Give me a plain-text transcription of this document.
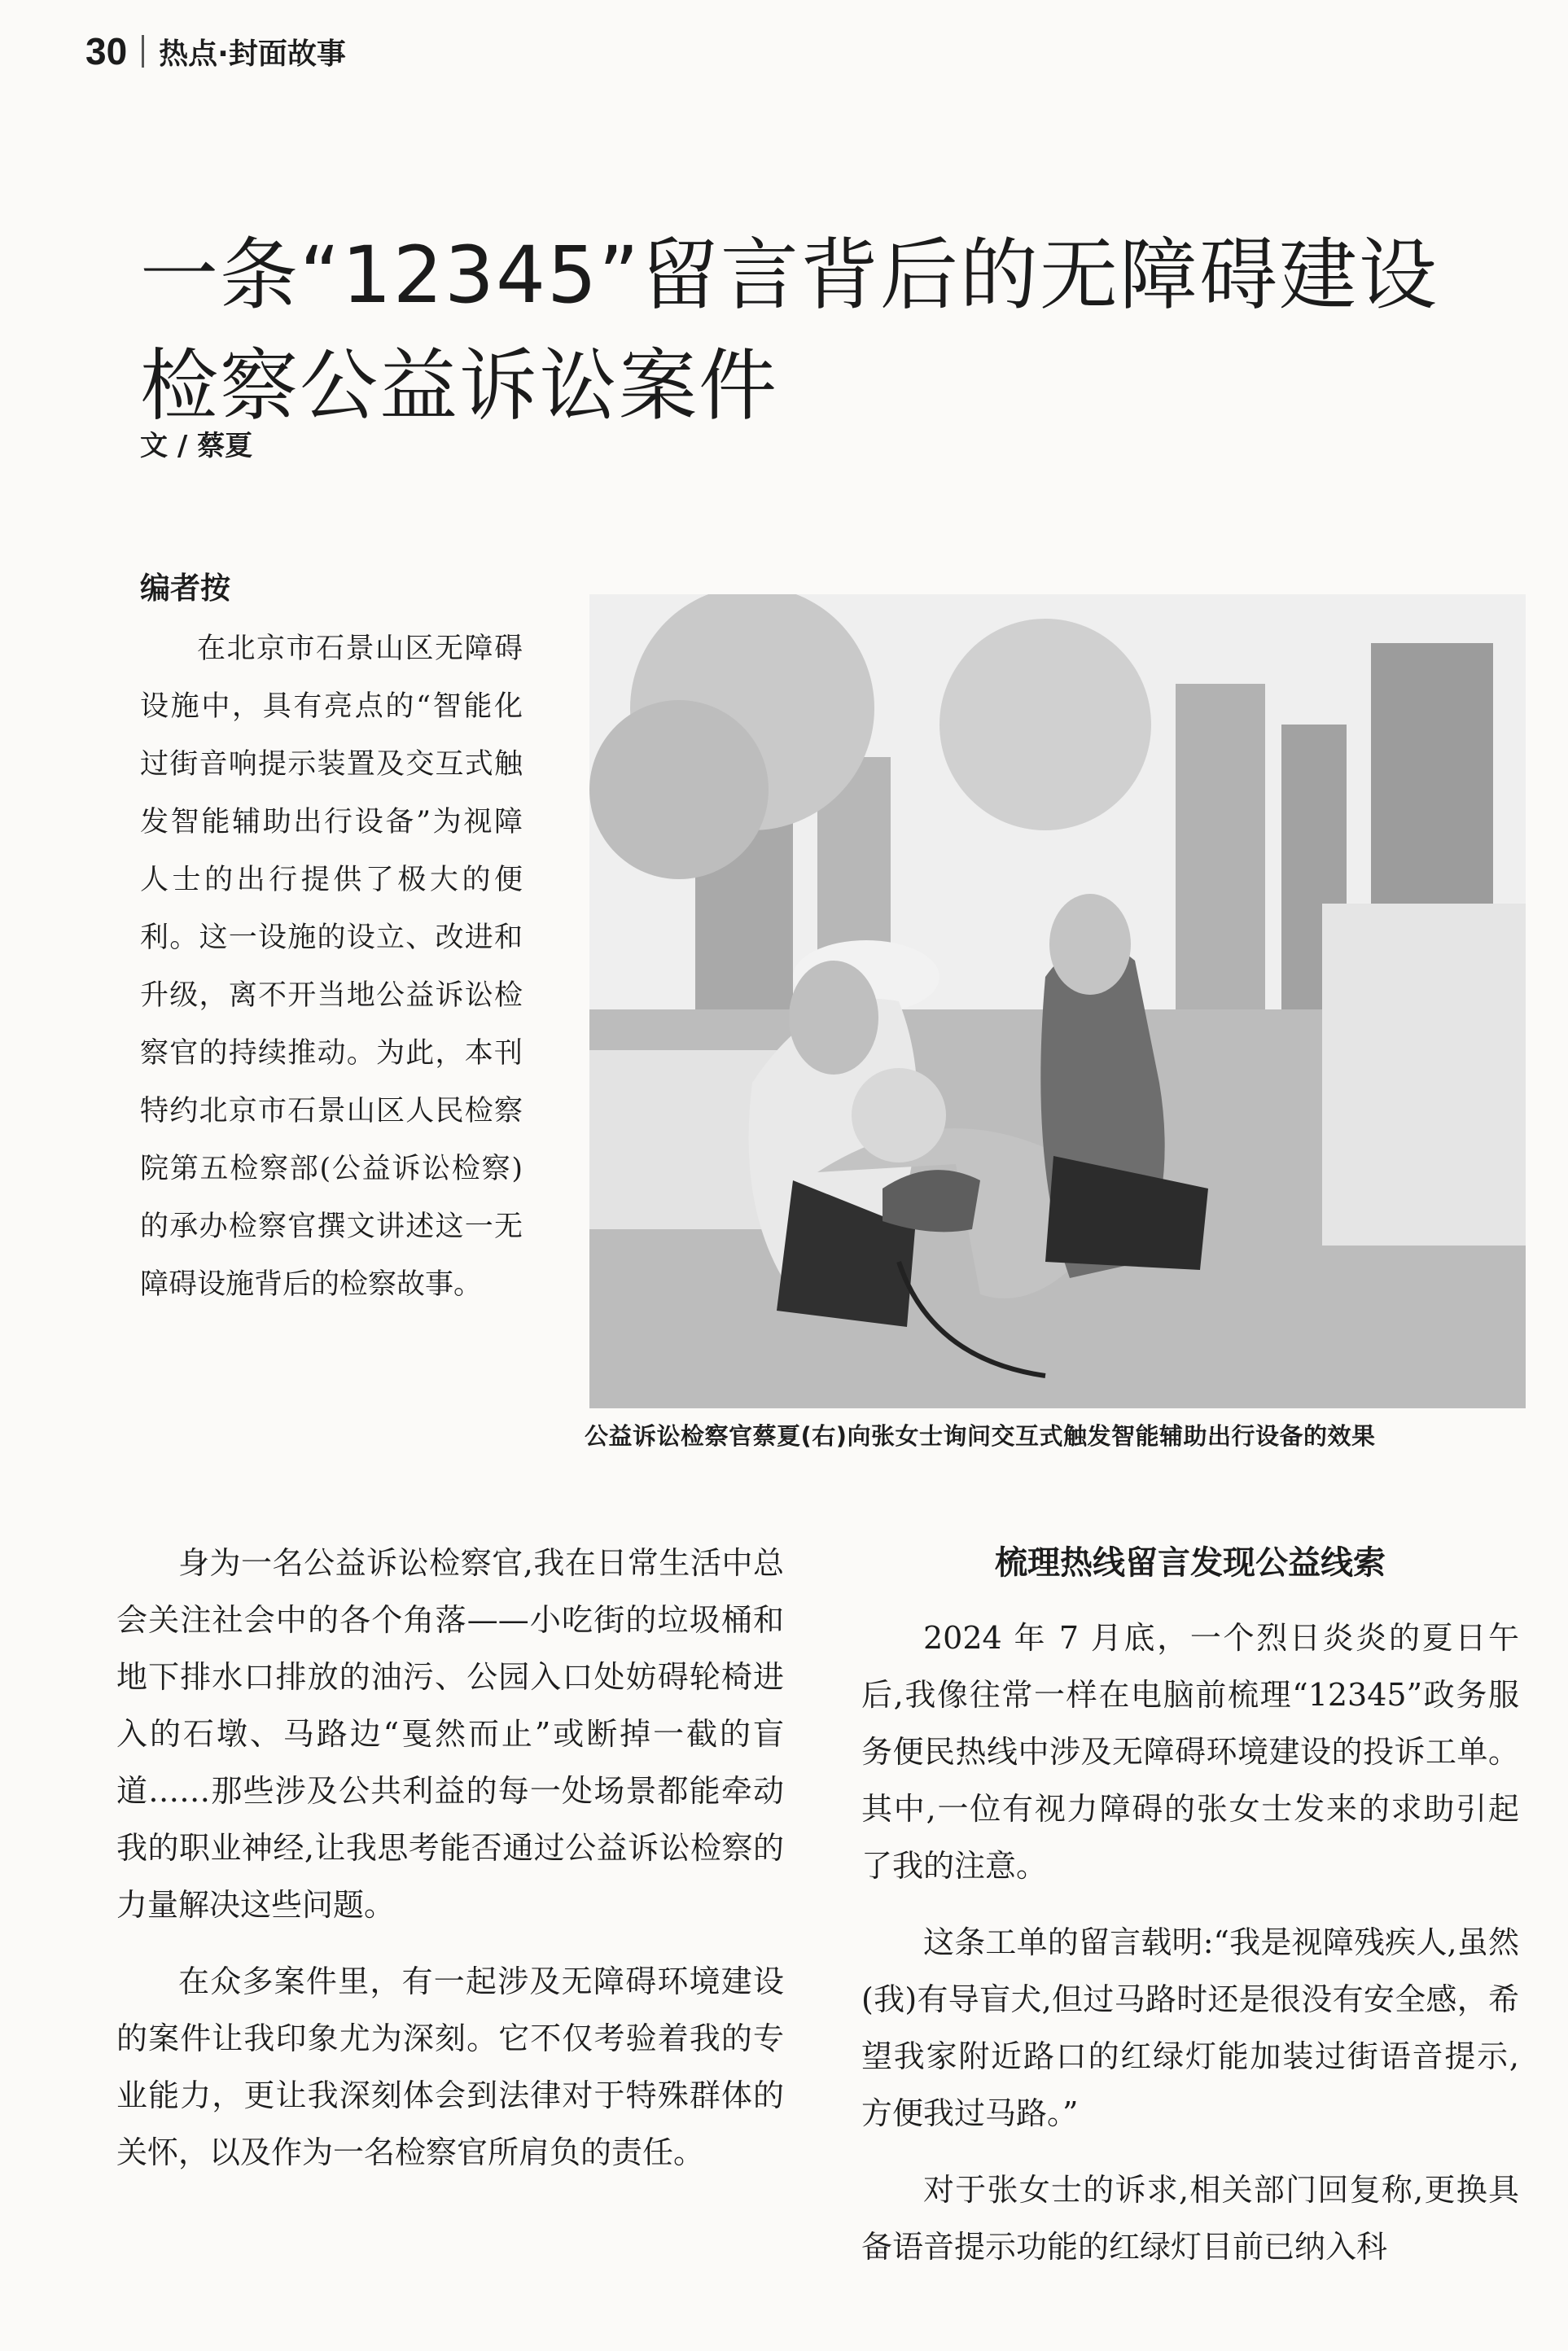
30 热点·封面故事
一条“12345”留言背后的无障碍建设
检察公益诉讼案件
文 / 蔡夏
编者按

在北京市石景山区无障碍设施中，具有亮点的“智能化过街音响提示装置及交互式触发智能辅助出行设备”为视障人士的出行提供了极大的便利。这一设施的设立、改进和升级，离不开当地公益诉讼检察官的持续推动。为此，本刊特约北京市石景山区人民检察院第五检察部(公益诉讼检察)的承办检察官撰文讲述这一无障碍设施背后的检察故事。

公益诉讼检察官蔡夏(右)向张女士询问交互式触发智能辅助出行设备的效果

身为一名公益诉讼检察官,我在日常生活中总会关注社会中的各个角落——小吃街的垃圾桶和地下排水口排放的油污、公园入口处妨碍轮椅进入的石墩、马路边“戛然而止”或断掉一截的盲道……那些涉及公共利益的每一处场景都能牵动我的职业神经,让我思考能否通过公益诉讼检察的力量解决这些问题。

在众多案件里，有一起涉及无障碍环境建设的案件让我印象尤为深刻。它不仅考验着我的专业能力，更让我深刻体会到法律对于特殊群体的关怀，以及作为一名检察官所肩负的责任。

梳理热线留言发现公益线索

2024 年 7 月底，一个烈日炎炎的夏日午后,我像往常一样在电脑前梳理“12345”政务服务便民热线中涉及无障碍环境建设的投诉工单。其中,一位有视力障碍的张女士发来的求助引起了我的注意。

这条工单的留言载明:“我是视障残疾人,虽然(我)有导盲犬,但过马路时还是很没有安全感，希望我家附近路口的红绿灯能加装过街语音提示,方便我过马路。”

对于张女士的诉求,相关部门回复称,更换具备语音提示功能的红绿灯目前已纳入科
